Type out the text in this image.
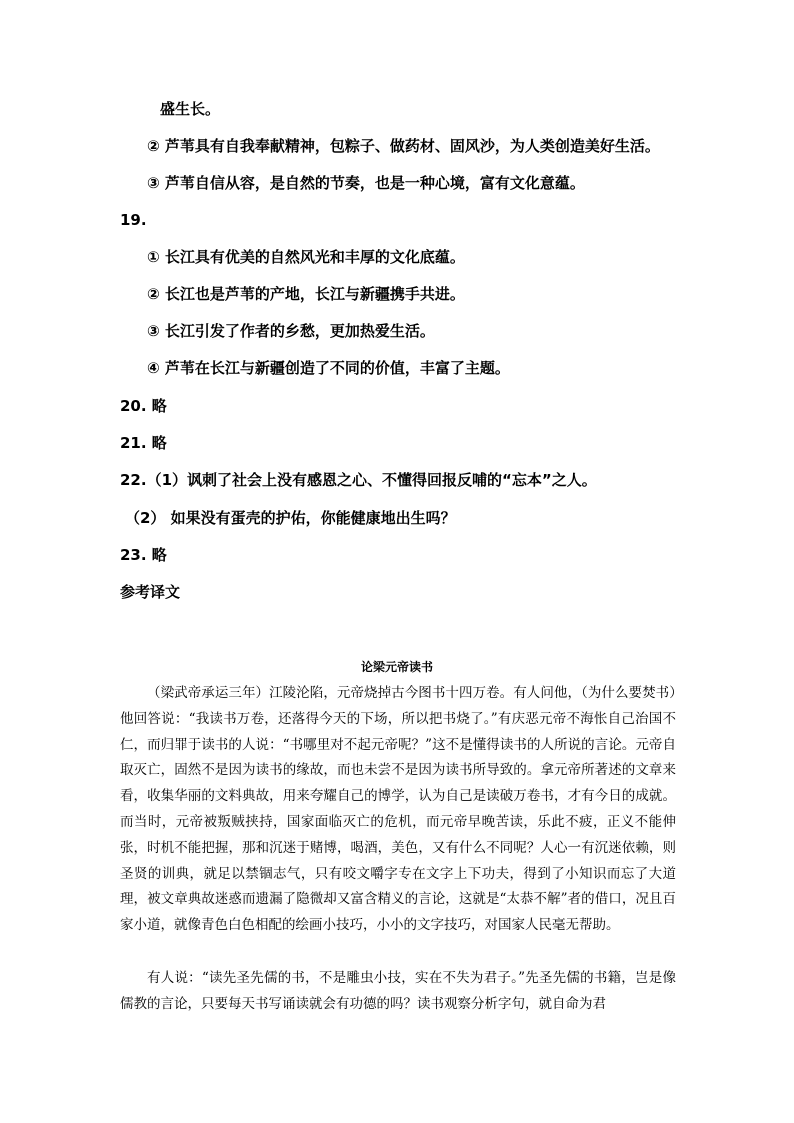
盛生长。
② 芦苇具有自我奉献精神，包粽子、做药材、固风沙，为人类创造美好生活。
③ 芦苇自信从容，是自然的节奏，也是一种心境，富有文化意蕴。
19.
① 长江具有优美的自然风光和丰厚的文化底蕴。
② 长江也是芦苇的产地，长江与新疆携手共进。
③ 长江引发了作者的乡愁，更加热爱生活。
④ 芦苇在长江与新疆创造了不同的价值，丰富了主题。
20. 略
21. 略
22.（1）讽刺了社会上没有感恩之心、不懂得回报反哺的“忘本”之人。
（2） 如果没有蛋壳的护佑，你能健康地出生吗？
23. 略
参考译文
论梁元帝读书
（梁武帝承运三年）江陵沦陷，元帝烧掉古今图书十四万卷。有人问他，（为什么要焚书）他回答说：“我读书万卷，还落得今天的下场，所以把书烧了。”有庆恶元帝不海怅自己治国不仁，而归罪于读书的人说：“书哪里对不起元帝呢？”这不是懂得读书的人所说的言论。元帝自取灭亡，固然不是因为读书的缘故，而也未尝不是因为读书所导致的。拿元帝所著述的文章来看，收集华丽的文料典故，用来夸耀自己的博学，认为自己是读破万卷书，才有今日的成就。而当时，元帝被叛贼挟持，国家面临灭亡的危机，而元帝早晚苦读，乐此不疲，正义不能伸张，时机不能把握，那和沉迷于赌博，喝酒，美色，又有什么不同呢？人心一有沉迷依赖，则圣贤的训典，就足以禁锢志气，只有咬文嚼字专在文字上下功夫，得到了小知识而忘了大道理，被文章典故迷惑而遗漏了隐微却又富含精义的言论，这就是“太恭不解”者的借口，况且百家小道，就像青色白色相配的绘画小技巧，小小的文字技巧，对国家人民毫无帮助。
有人说：“读先圣先儒的书，不是雕虫小技，实在不失为君子。”先圣先儒的书籍，岂是像儒教的言论，只要每天书写诵读就会有功德的吗？读书观察分析字句，就自命为君
